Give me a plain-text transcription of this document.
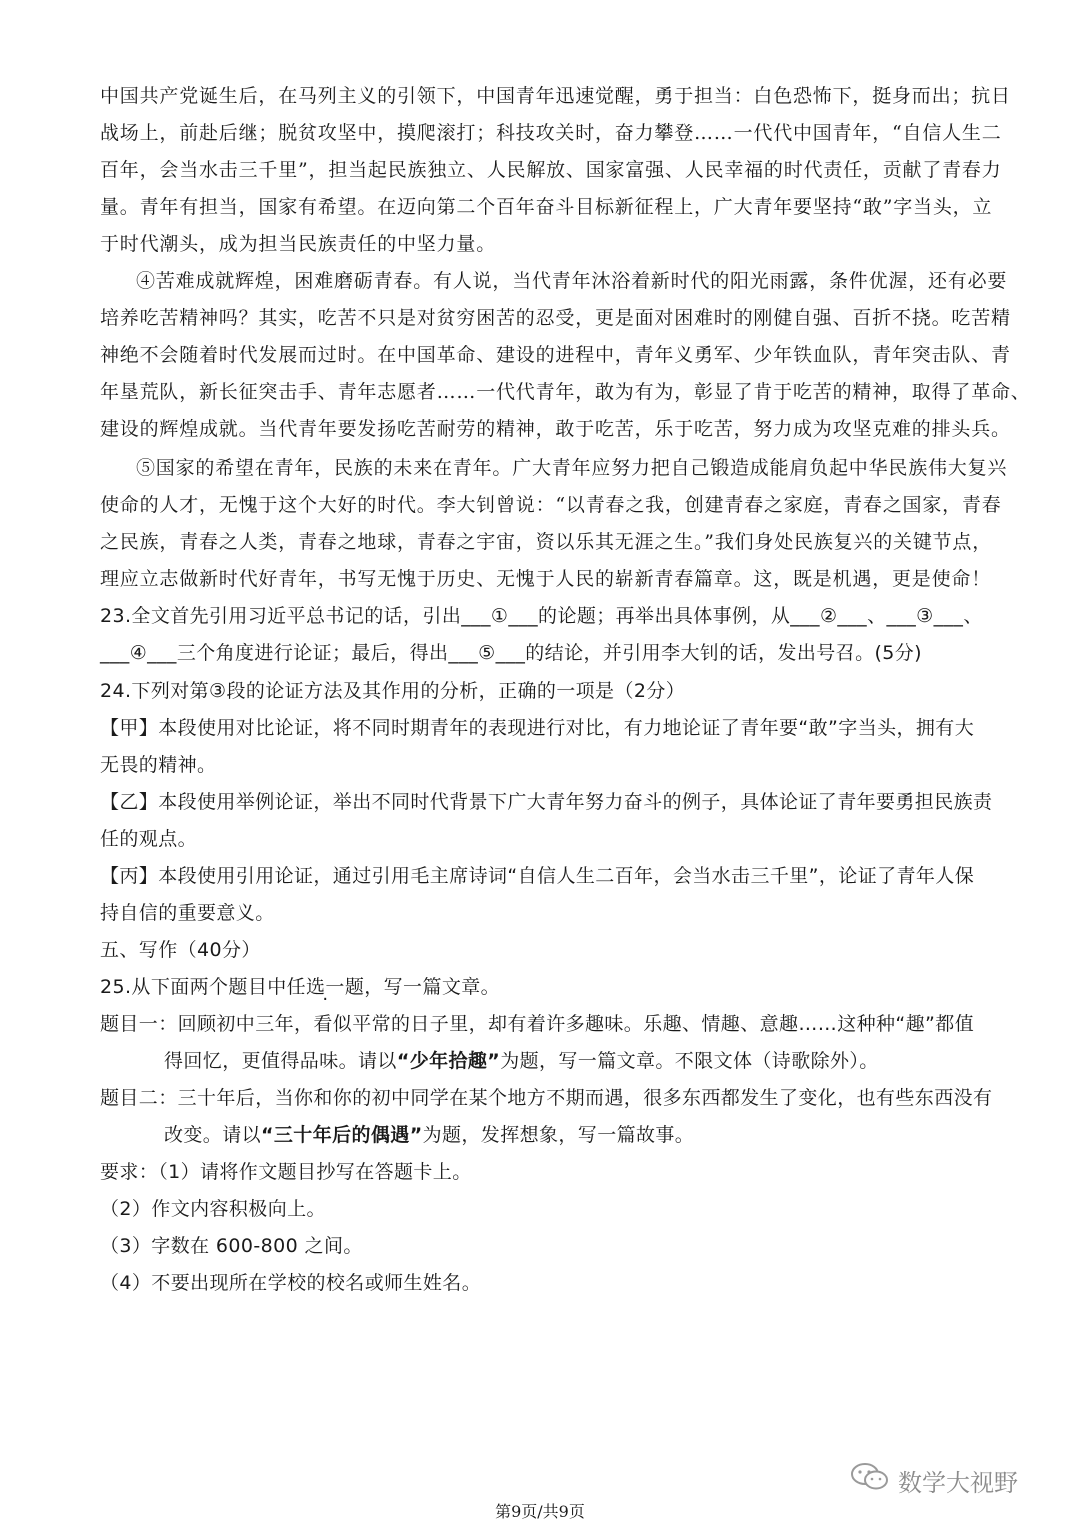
中国共产党诞生后，在马列主义的引领下，中国青年迅速觉醒，勇于担当：白色恐怖下，挺身而出；抗日
战场上，前赴后继；脱贫攻坚中，摸爬滚打；科技攻关时，奋力攀登……一代代中国青年，“自信人生二
百年，会当水击三千里”，担当起民族独立、人民解放、国家富强、人民幸福的时代责任，贡献了青春力
量。青年有担当，国家有希望。在迈向第二个百年奋斗目标新征程上，广大青年要坚持“敢”字当头，立
于时代潮头，成为担当民族责任的中坚力量。
④苦难成就辉煌，困难磨砺青春。有人说，当代青年沐浴着新时代的阳光雨露，条件优渥，还有必要
培养吃苦精神吗？其实，吃苦不只是对贫穷困苦的忍受，更是面对困难时的刚健自强、百折不挠。吃苦精
神绝不会随着时代发展而过时。在中国革命、建设的进程中，青年义勇军、少年铁血队，青年突击队、青
年垦荒队，新长征突击手、青年志愿者……一代代青年，敢为有为，彰显了肯于吃苦的精神，取得了革命、
建设的辉煌成就。当代青年要发扬吃苦耐劳的精神，敢于吃苦，乐于吃苦，努力成为攻坚克难的排头兵。
⑤国家的希望在青年，民族的未来在青年。广大青年应努力把自己锻造成能肩负起中华民族伟大复兴
使命的人才，无愧于这个大好的时代。李大钊曾说：“以青春之我，创建青春之家庭，青春之国家，青春
之民族，青春之人类，青春之地球，青春之宇宙，资以乐其无涯之生。”我们身处民族复兴的关键节点，
理应立志做新时代好青年，书写无愧于历史、无愧于人民的崭新青春篇章。这，既是机遇，更是使命！
23.全文首先引用习近平总书记的话，引出___①___的论题；再举出具体事例，从___②___、___③___、
___④___三个角度进行论证；最后，得出___⑤___的结论，并引用李大钊的话，发出号召。(5分)
24.下列对第③段的论证方法及其作用的分析，正确的一项是（2分）
【甲】本段使用对比论证，将不同时期青年的表现进行对比，有力地论证了青年要“敢”字当头，拥有大
无畏的精神。
【乙】本段使用举例论证，举出不同时代背景下广大青年努力奋斗的例子，具体论证了青年要勇担民族责
任的观点。
【丙】本段使用引用论证，通过引用毛主席诗词“自信人生二百年，会当水击三千里”，论证了青年人保
持自信的重要意义。
五、写作（40分）
25.从下面两个题目中任选一题，写一篇文章。
题目一：回顾初中三年，看似平常的日子里，却有着许多趣味。乐趣、情趣、意趣……这种种“趣”都值
得回忆，更值得品味。请以“少年拾趣”为题，写一篇文章。不限文体（诗歌除外）。
题目二：三十年后，当你和你的初中同学在某个地方不期而遇，很多东西都发生了变化，也有些东西没有
改变。请以“三十年后的偶遇”为题，发挥想象，写一篇故事。
要求：（1）请将作文题目抄写在答题卡上。
（2）作文内容积极向上。
（3）字数在 600-800 之间。
（4）不要出现所在学校的校名或师生姓名。
数学大视野
第9页/共9页
